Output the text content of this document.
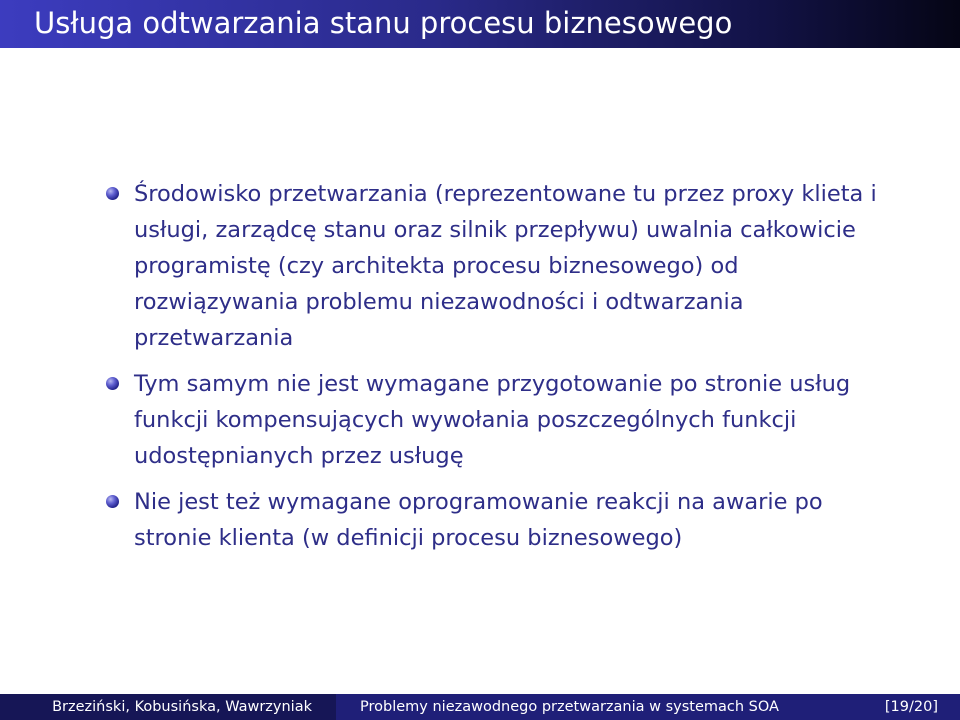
Usługa odtwarzania stanu procesu biznesowego
Środowisko przetwarzania (reprezentowane tu przez proxy klieta i usługi, zarządcę stanu oraz silnik przepływu) uwalnia całkowicie programistę (czy architekta procesu biznesowego) od rozwiązywania problemu niezawodności i odtwarzania przetwarzania
Tym samym nie jest wymagane przygotowanie po stronie usług funkcji kompensujących wywołania poszczególnych funkcji udostępnianych przez usługę
Nie jest też wymagane oprogramowanie reakcji na awarie po stronie klienta (w definicji procesu biznesowego)
Brzeziński, Kobusińska, Wawrzyniak	Problemy niezawodnego przetwarzania w systemach SOA	[19/20]
